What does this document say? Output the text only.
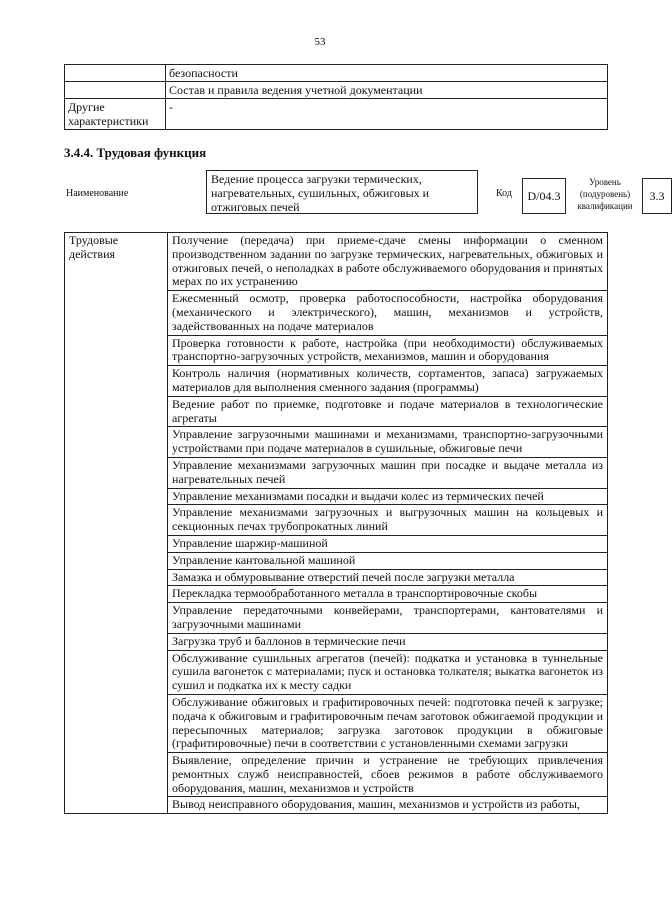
53
	безопасности
	Состав и правила ведения учетной документации
Другие характеристики	-
3.4.4. Трудовая функция
Наименование
Ведение процесса загрузки термических, нагревательных, сушильных, обжиговых и отжиговых печей
Код	D/04.3
Уровень (подуровень) квалификации
3.3
Трудовые действия	Получение (передача) при приеме-сдаче смены информации о сменном производственном задании по загрузке термических, нагревательных, обжиговых и отжиговых печей, о неполадках в работе обслуживаемого оборудования и принятых мерах по их устранению
Ежесменный осмотр, проверка работоспособности, настройка оборудования (механического и электрического), машин, механизмов и устройств, задействованных на подаче материалов
Проверка готовности к работе, настройка (при необходимости) обслуживаемых транспортно-загрузочных устройств, механизмов, машин и оборудования
Контроль наличия (нормативных количеств, сортаментов, запаса) загружаемых материалов для выполнения сменного задания (программы)
Ведение работ по приемке, подготовке и подаче материалов в технологические агрегаты
Управление загрузочными машинами и механизмами, транспортно-загрузочными устройствами при подаче материалов в сушильные, обжиговые печи
Управление механизмами загрузочных машин при посадке и выдаче металла из нагревательных печей
Управление механизмами посадки и выдачи колес из термических печей
Управление механизмами загрузочных и выгрузочных машин на кольцевых и секционных печах трубопрокатных линий
Управление шаржир-машиной
Управление кантовальной машиной
Замазка и обмуровывание отверстий печей после загрузки металла
Перекладка термообработанного металла в транспортировочные скобы
Управление передаточными конвейерами, транспортерами, кантователями и загрузочными машинами
Загрузка труб и баллонов в термические печи
Обслуживание сушильных агрегатов (печей): подкатка и установка в туннельные сушила вагонеток с материалами; пуск и остановка толкателя; выкатка вагонеток из сушил и подкатка их к месту садки
Обслуживание обжиговых и графитировочных печей: подготовка печей к загрузке; подача к обжиговым и графитировочным печам заготовок обжигаемой продукции и пересыпочных материалов; загрузка заготовок продукции в обжиговые (графитировочные) печи в соответствии с установленными схемами загрузки
Выявление, определение причин и устранение не требующих привлечения ремонтных служб неисправностей, сбоев режимов в работе обслуживаемого оборудования, машин, механизмов и устройств
Вывод неисправного оборудования, машин, механизмов и устройств из работы,
